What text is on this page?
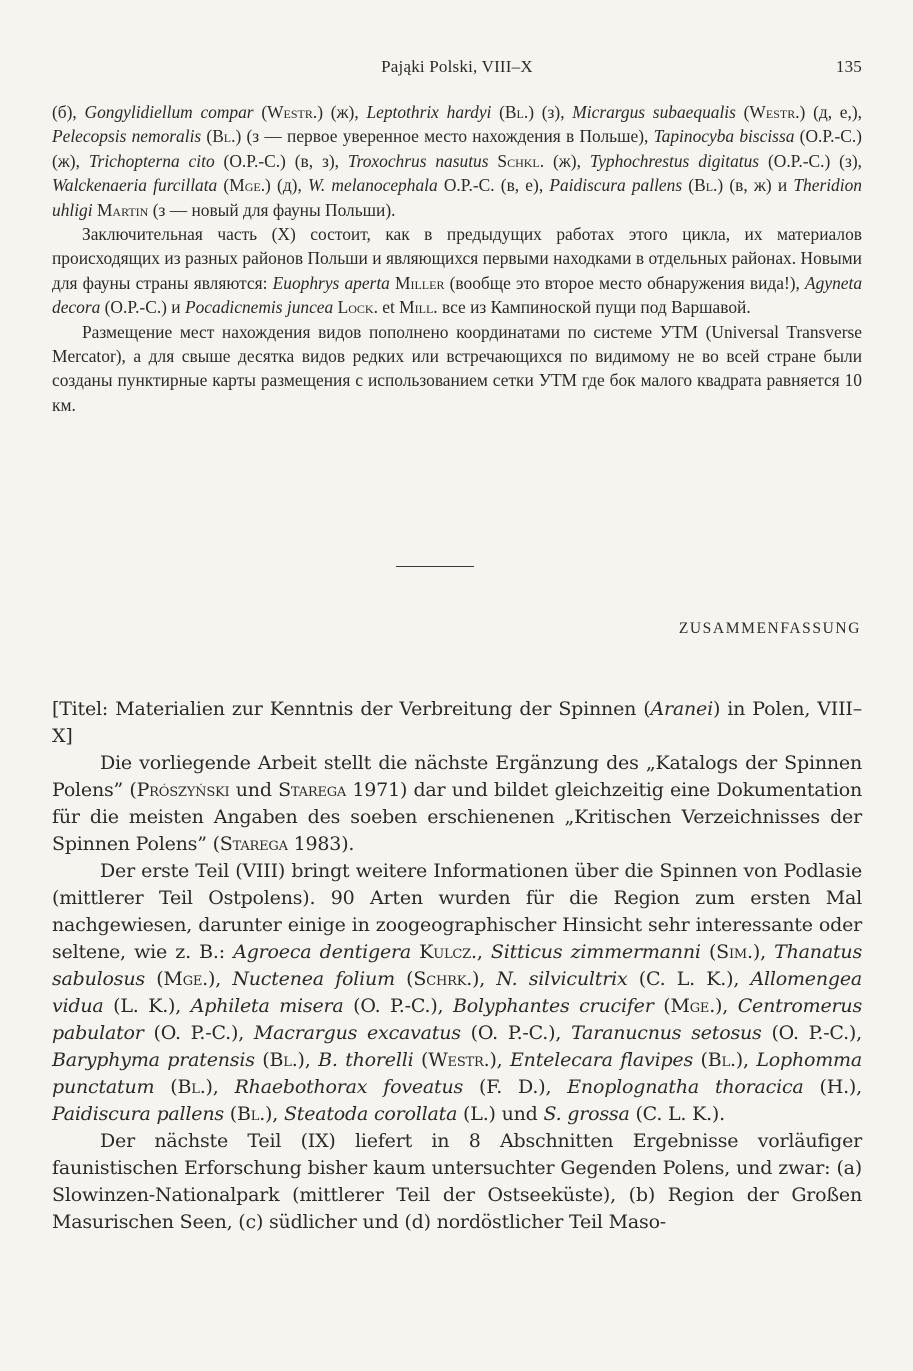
Pająki Polski, VIII–X	135

(б), Gongylidiellum compar (Westr.) (ж), Leptothrix hardyi (Bl.) (з), Micrargus subaequalis (Westr.) (д, е,), Pelecopsis nemoralis (Bl.) (з — первое уверенное место нахождения в Польше), Tapinocyba biscissa (O.P.-C.) (ж), Trichopterna cito (O.P.-C.) (в, з), Troxochrus nasutus Schkl. (ж), Typhochrestus digitatus (O.P.-C.) (з), Walckenaeria furcillata (Mge.) (д), W. melanocephala O.P.-C. (в, е), Paidiscura pallens (Bl.) (в, ж) и Theridion uhligi Martin (з — новый для фауны Польши).

Заключительная часть (X) состоит, как в предыдущих работах этого цикла, их материалов происходящих из разных районов Польши и являющихся первыми находками в отдельных районах. Новыми для фауны страны являются: Euophrys aperta Miller (вообще это второе место обнаружения вида!), Agyneta decora (O.P.-C.) и Pocadicnemis juncea Lock. et Mill. все из Кампиноской пущи под Варшавой.

Размещение мест нахождения видов пополнено координатами по системе УТМ (Universal Transverse Mercator), а для свыше десятка видов редких или встречающихся по видимому не во всей стране были созданы пунктирные карты размещения с использованием сетки УТМ где бок малого квадрата равняется 10 км.

ZUSAMMENFASSUNG

[Titel: Materialien zur Kenntnis der Verbreitung der Spinnen (Aranei) in Polen, VIII–X]

Die vorliegende Arbeit stellt die nächste Ergänzung des „Katalogs der Spinnen Polens” (Prószyński und Starega 1971) dar und bildet gleichzeitig eine Dokumentation für die meisten Angaben des soeben erschienenen „Kritischen Verzeichnisses der Spinnen Polens” (Starega 1983).

Der erste Teil (VIII) bringt weitere Informationen über die Spinnen von Podlasie (mittlerer Teil Ostpolens). 90 Arten wurden für die Region zum ersten Mal nachgewiesen, darunter einige in zoogeographischer Hinsicht sehr interessante oder seltene, wie z. B.: Agroeca dentigera Kulcz., Sitticus zimmermanni (Sim.), Thanatus sabulosus (Mge.), Nuctenea folium (Schrk.), N. silvicultrix (C. L. K.), Allomengea vidua (L. K.), Aphileta misera (O. P.-C.), Bolyphantes crucifer (Mge.), Centromerus pabulator (O. P.-C.), Macrargus excavatus (O. P.-C.), Taranucnus setosus (O. P.-C.), Baryphyma pratensis (Bl.), B. thorelli (Westr.), Entelecara flavipes (Bl.), Lophomma punctatum (Bl.), Rhaebothorax foveatus (F. D.), Enoplognatha thoracica (H.), Paidiscura pallens (Bl.), Steatoda corollata (L.) und S. grossa (C. L. K.).

Der nächste Teil (IX) liefert in 8 Abschnitten Ergebnisse vorläufiger faunistischen Erforschung bisher kaum untersuchter Gegenden Polens, und zwar: (a) Slowinzen-Nationalpark (mittlerer Teil der Ostseeküste), (b) Region der Großen Masurischen Seen, (c) südlicher und (d) nordöstlicher Teil Maso-
